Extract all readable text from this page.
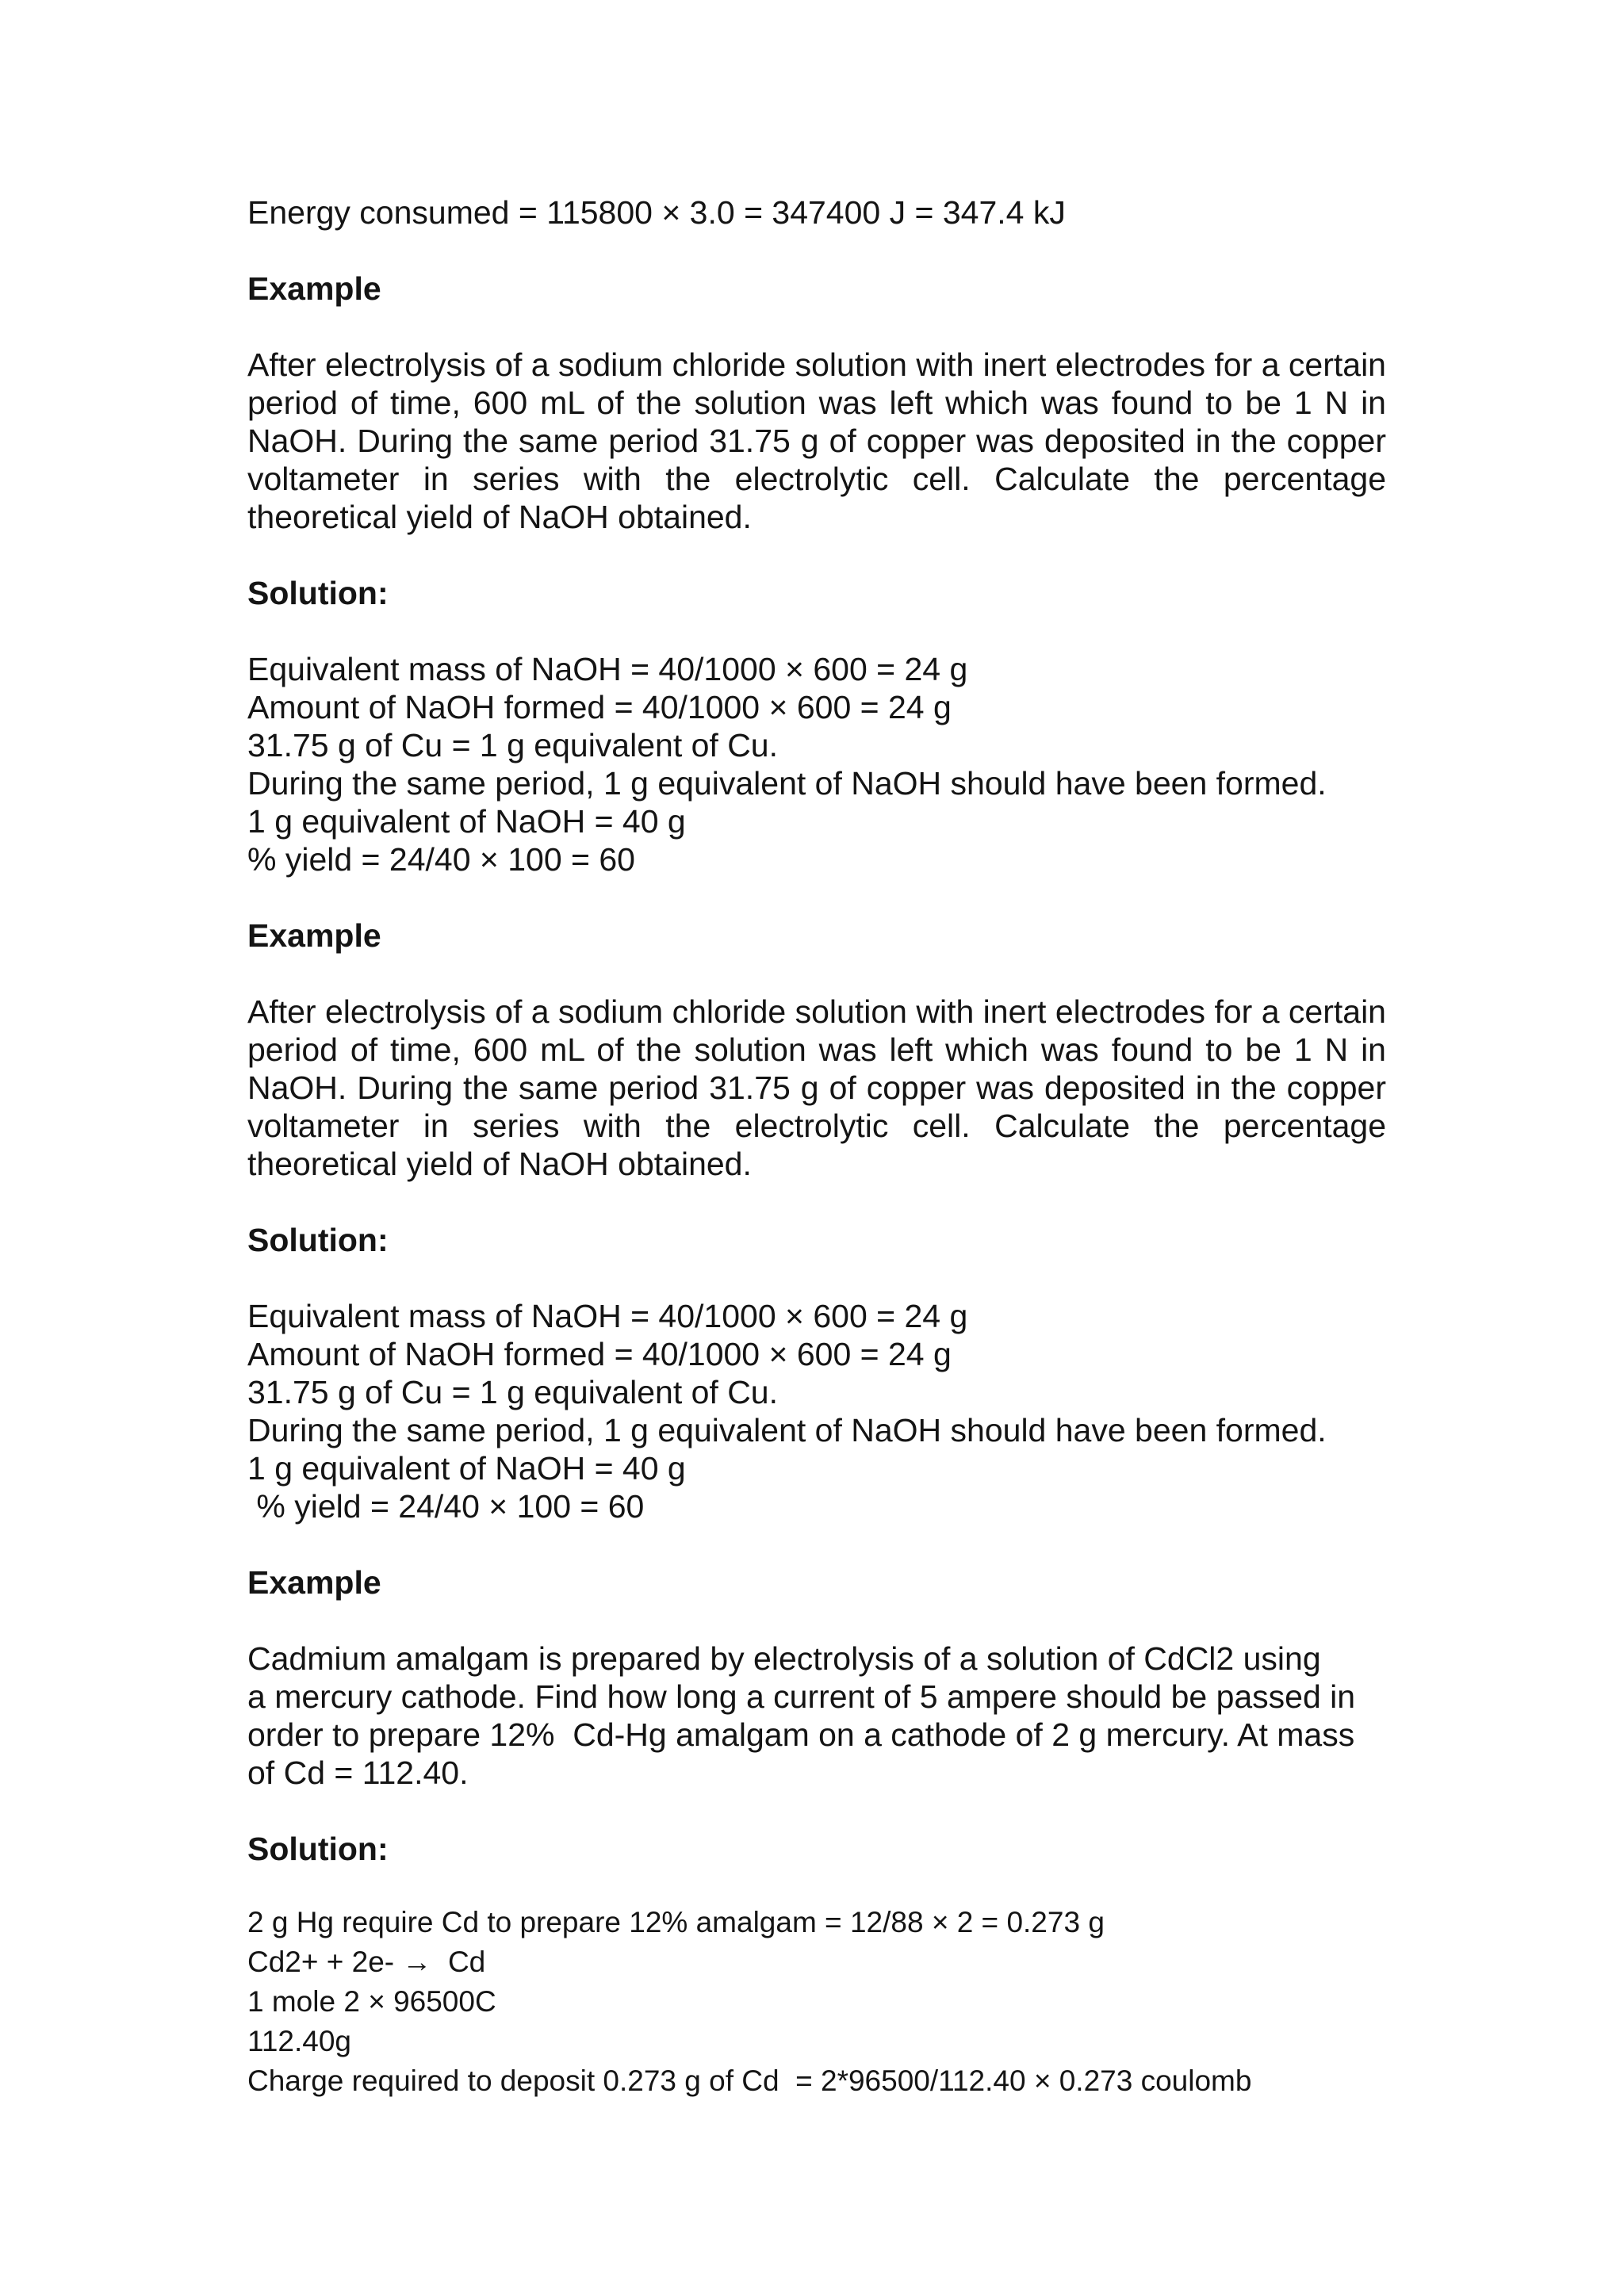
Energy consumed = 115800 × 3.0 = 347400 J = 347.4 kJ

Example

After electrolysis of a sodium chloride solution with inert electrodes for a certain period of time, 600 mL of the solution was left which was found to be 1 N in NaOH. During the same period 31.75 g of copper was deposited in the copper voltameter in series with the electrolytic cell. Calculate the percentage theoretical yield of NaOH obtained.

Solution:

Equivalent mass of NaOH = 40/1000 × 600 = 24 g

Amount of NaOH formed = 40/1000 × 600 = 24 g

31.75 g of Cu = 1 g equivalent of Cu.

During the same period, 1 g equivalent of NaOH should have been formed.

1 g equivalent of NaOH = 40 g

% yield = 24/40 × 100 = 60

Example

After electrolysis of a sodium chloride solution with inert electrodes for a certain period of time, 600 mL of the solution was left which was found to be 1 N in NaOH. During the same period 31.75 g of copper was deposited in the copper voltameter in series with the electrolytic cell. Calculate the percentage theoretical yield of NaOH obtained.

Solution:

Equivalent mass of NaOH = 40/1000 × 600 = 24 g

Amount of NaOH formed = 40/1000 × 600 = 24 g

31.75 g of Cu = 1 g equivalent of Cu.

During the same period, 1 g equivalent of NaOH should have been formed.

1 g equivalent of NaOH = 40 g

% yield = 24/40 × 100 = 60

Example

Cadmium amalgam is prepared by electrolysis of a solution of CdCl2 using

a mercury cathode. Find how long a current of 5 ampere should be passed in

order to prepare 12%  Cd-Hg amalgam on a cathode of 2 g mercury. At mass

of Cd = 112.40.

Solution:

2 g Hg require Cd to prepare 12% amalgam = 12/88 × 2 = 0.273 g

Cd2+ + 2e- →  Cd

1 mole 2 × 96500C

112.40g

Charge required to deposit 0.273 g of Cd  = 2*96500/112.40 × 0.273 coulomb
